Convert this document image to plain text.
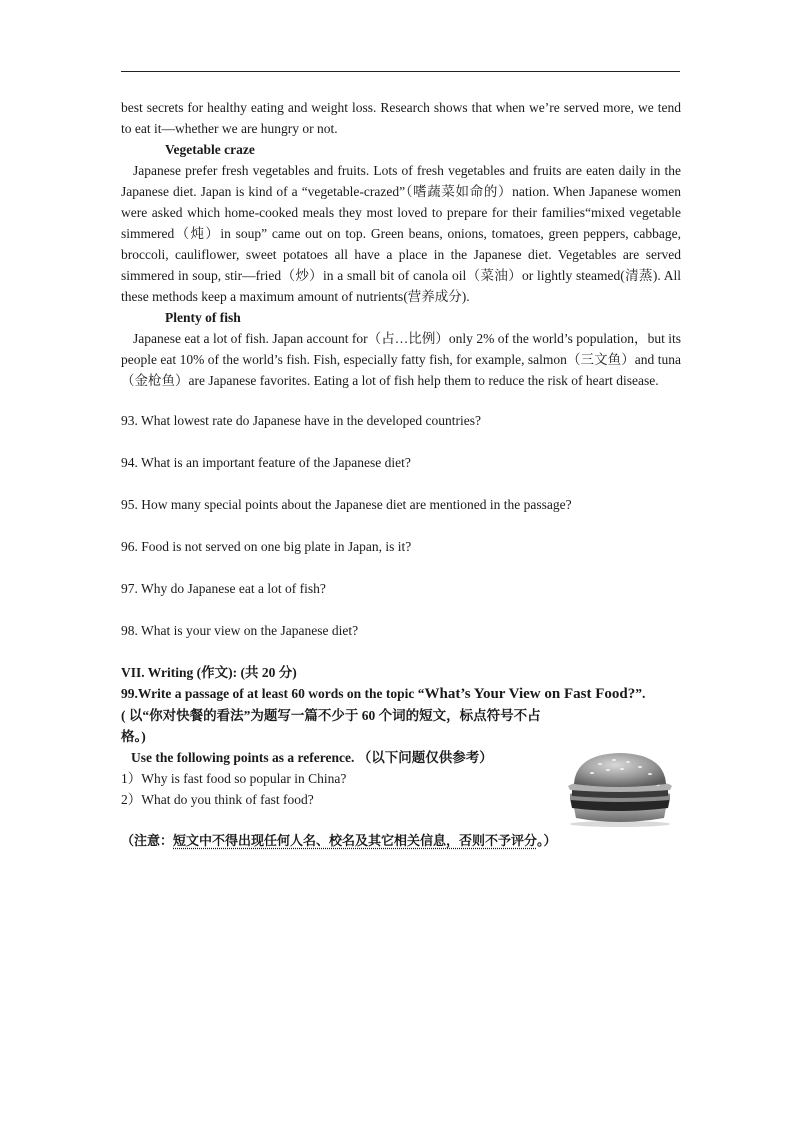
best secrets for healthy eating and weight loss. Research shows that when we’re served more, we tend to eat it—whether we are hungry or not.

Vegetable craze

Japanese prefer fresh vegetables and fruits. Lots of fresh vegetables and fruits are eaten daily in the Japanese diet. Japan is kind of a “vegetable-crazed”（嗜蔬菜如命的）nation. When Japanese women were asked which home-cooked meals they most loved to prepare for their families“mixed vegetable simmered（炖）in soup” came out on top. Green beans, onions, tomatoes, green peppers, cabbage, broccoli, cauliflower, sweet potatoes all have a place in the Japanese diet. Vegetables are served simmered in soup, stir—fried（炒）in a small bit of canola oil（菜油）or lightly steamed(清蒸). All these methods keep a maximum amount of nutrients(营养成分).

Plenty of fish

Japanese eat a lot of fish. Japan account for（占…比例）only 2% of the world’s population，but its people eat 10% of the world’s fish. Fish, especially fatty fish, for example, salmon（三文鱼）and tuna（金枪鱼）are Japanese favorites. Eating a lot of fish help them to reduce the risk of heart disease.

93. What lowest rate do Japanese have in the developed countries?

94. What is an important feature of the Japanese diet?

95. How many special points about the Japanese diet are mentioned in the passage?

96. Food is not served on one big plate in Japan, is it?

97. Why do Japanese eat a lot of fish?

98. What is your view on the Japanese diet?

VII. Writing (作文): (共 20 分)

99.Write a passage of at least 60 words on the topic “What’s Your View on Fast Food?”.

( 以“你对快餐的看法”为题写一篇不少于 60 个词的短文，标点符号不占格。)

Use the following points as a reference. （以下问题仅供参考）

1）Why is fast food so popular in China?

2）What do you think of fast food?

（注意：短文中不得出现任何人名、校名及其它相关信息，否则不予评分。）
